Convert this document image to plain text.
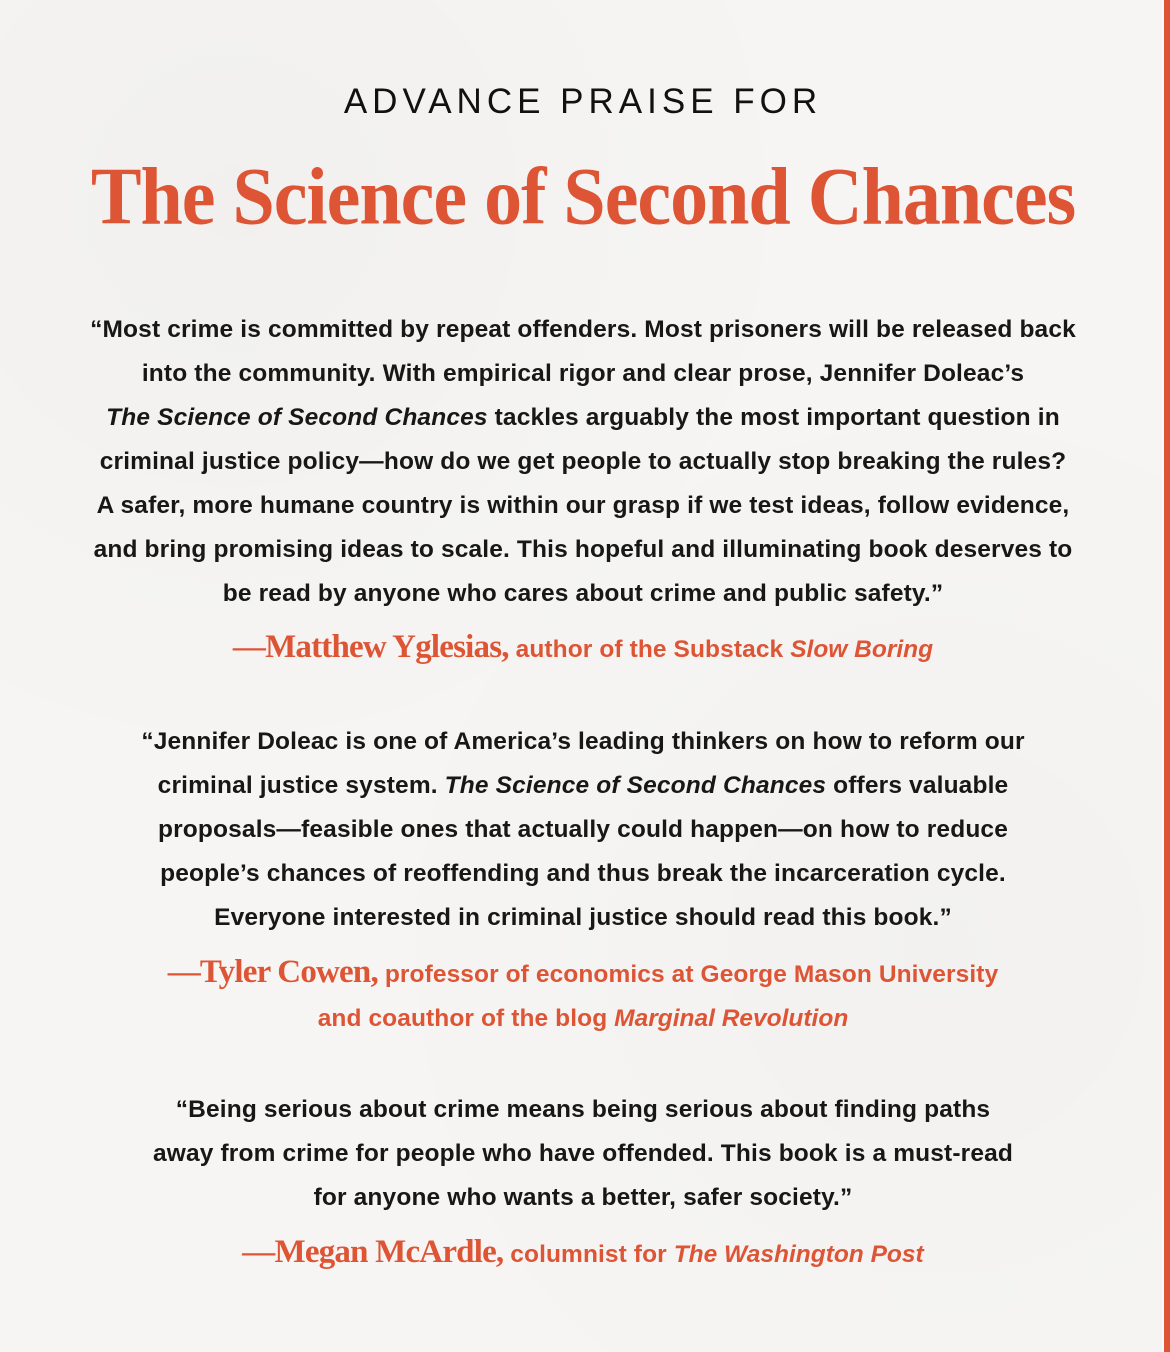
ADVANCE PRAISE FOR
The Science of Second Chances
“Most crime is committed by repeat offenders. Most prisoners will be released back
into the community. With empirical rigor and clear prose, Jennifer Doleac’s
The Science of Second Chances tackles arguably the most important question in
criminal justice policy—how do we get people to actually stop breaking the rules?
A safer, more humane country is within our grasp if we test ideas, follow evidence,
and bring promising ideas to scale. This hopeful and illuminating book deserves to
be read by anyone who cares about crime and public safety.”
—Matthew Yglesias, author of the Substack Slow Boring
“Jennifer Doleac is one of America’s leading thinkers on how to reform our
criminal justice system. The Science of Second Chances offers valuable
proposals—feasible ones that actually could happen—on how to reduce
people’s chances of reoffending and thus break the incarceration cycle.
Everyone interested in criminal justice should read this book.”
—Tyler Cowen, professor of economics at George Mason University
and coauthor of the blog Marginal Revolution
“Being serious about crime means being serious about finding paths
away from crime for people who have offended. This book is a must-read
for anyone who wants a better, safer society.”
—Megan McArdle, columnist for The Washington Post
